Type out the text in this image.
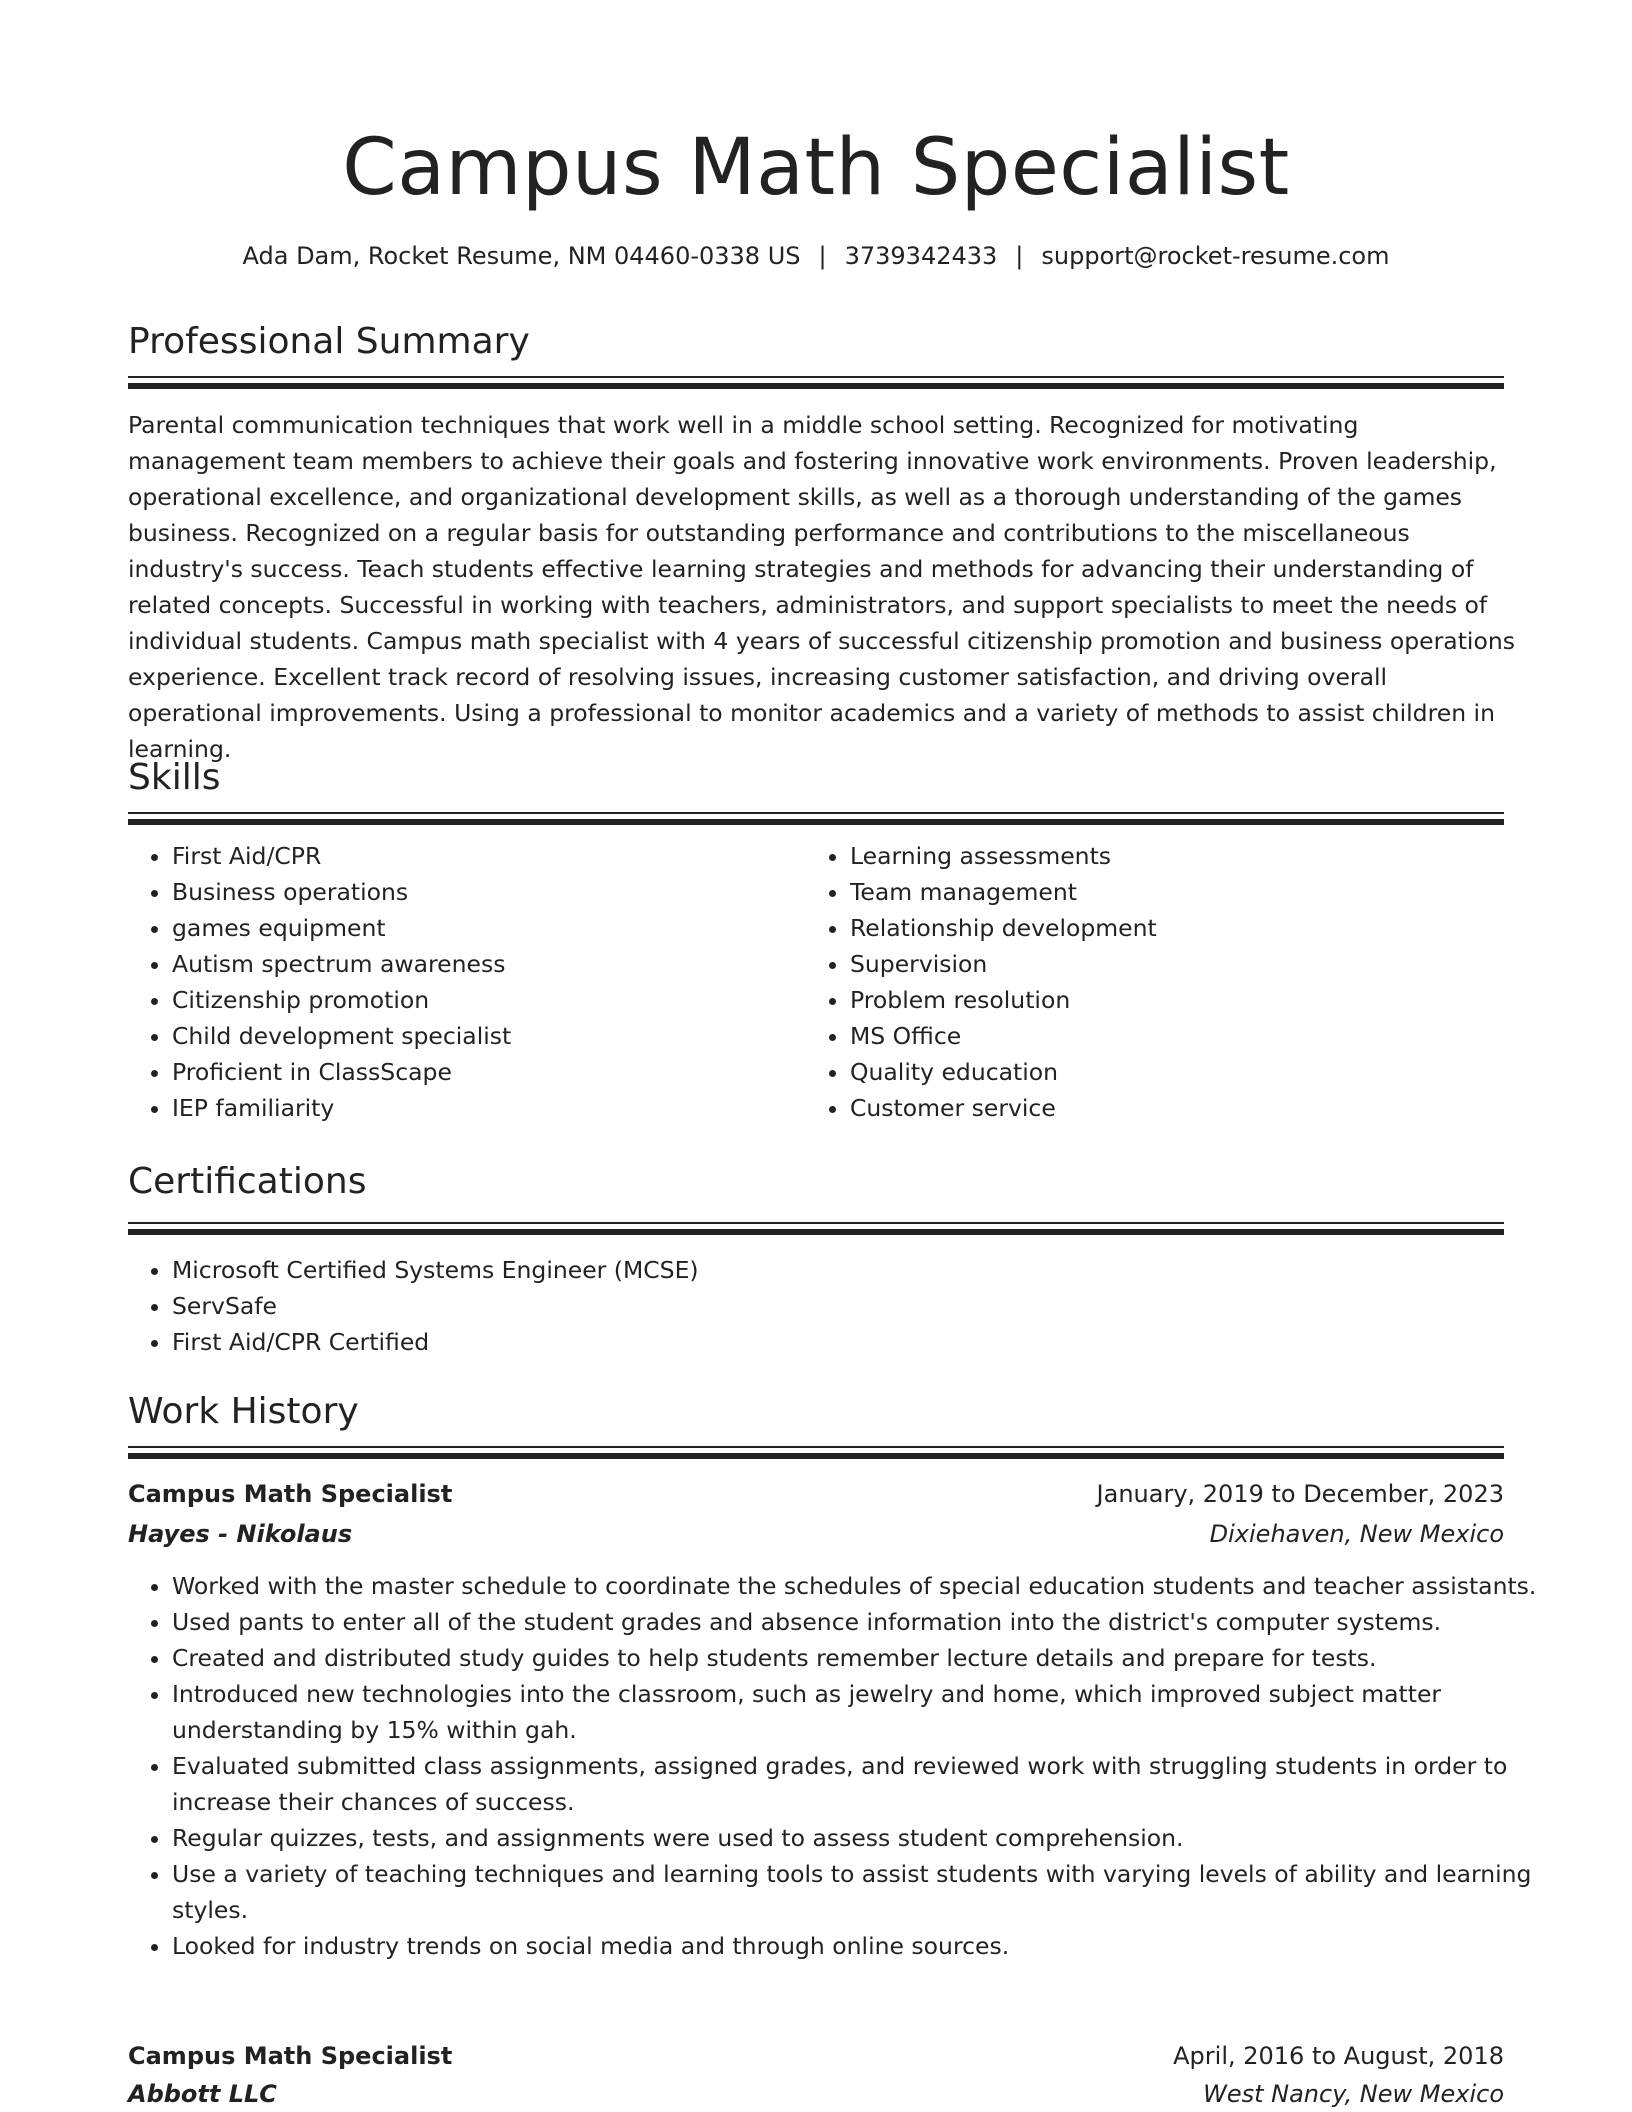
Campus Math Specialist
Ada Dam, Rocket Resume, NM 04460-0338 US | 3739342433 | support@rocket-resume.com
Professional Summary

Parental communication techniques that work well in a middle school setting. Recognized for motivating management team members to achieve their goals and fostering innovative work environments. Proven leadership, operational excellence, and organizational development skills, as well as a thorough understanding of the games business. Recognized on a regular basis for outstanding performance and contributions to the miscellaneous industry's success. Teach students effective learning strategies and methods for advancing their understanding of related concepts. Successful in working with teachers, administrators, and support specialists to meet the needs of individual students. Campus math specialist with 4 years of successful citizenship promotion and business operations experience. Excellent track record of resolving issues, increasing customer satisfaction, and driving overall operational improvements. Using a professional to monitor academics and a variety of methods to assist children in learning.

Skills
• First Aid/CPR
• Business operations
• games equipment
• Autism spectrum awareness
• Citizenship promotion
• Child development specialist
• Proficient in ClassScape
• IEP familiarity
• Learning assessments
• Team management
• Relationship development
• Supervision
• Problem resolution
• MS Office
• Quality education
• Customer service
Certifications
• Microsoft Certified Systems Engineer (MCSE)
• ServSafe
• First Aid/CPR Certified
Work History
Campus Math Specialist	January, 2019 to December, 2023
Hayes - Nikolaus	Dixiehaven, New Mexico
• Worked with the master schedule to coordinate the schedules of special education students and teacher assistants.
• Used pants to enter all of the student grades and absence information into the district's computer systems.
• Created and distributed study guides to help students remember lecture details and prepare for tests.
• Introduced new technologies into the classroom, such as jewelry and home, which improved subject matter understanding by 15% within gah.
• Evaluated submitted class assignments, assigned grades, and reviewed work with struggling students in order to increase their chances of success.
• Regular quizzes, tests, and assignments were used to assess student comprehension.
• Use a variety of teaching techniques and learning tools to assist students with varying levels of ability and learning styles.
• Looked for industry trends on social media and through online sources.
Campus Math Specialist	April, 2016 to August, 2018
Abbott LLC	West Nancy, New Mexico
